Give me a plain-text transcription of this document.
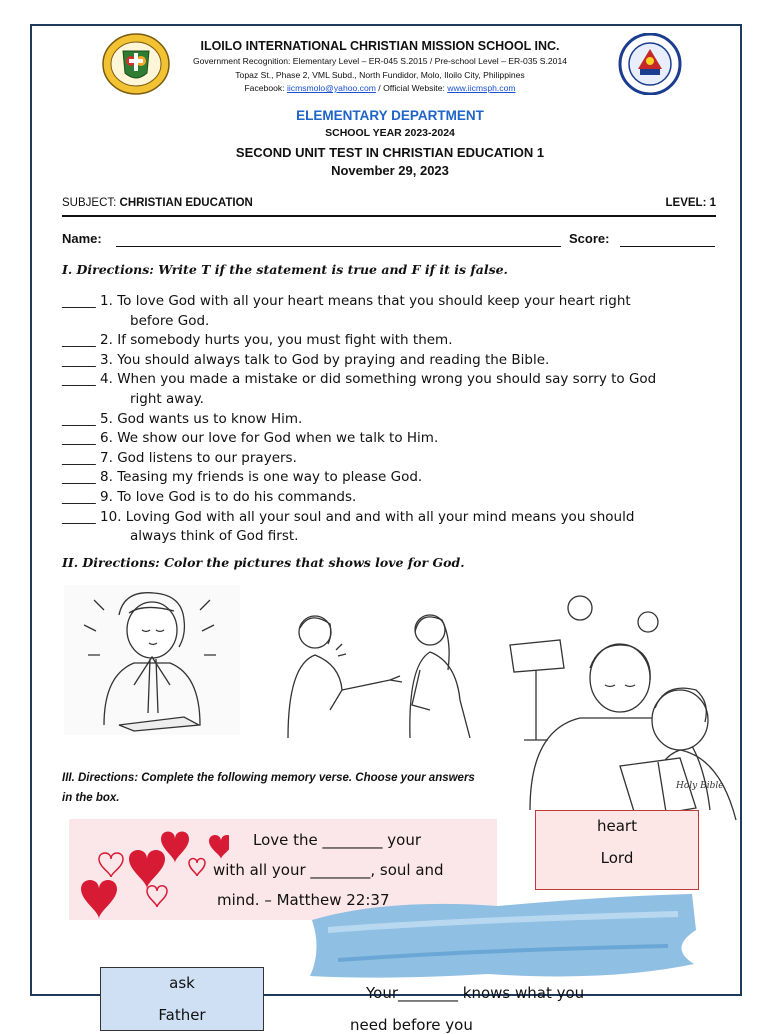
ILOILO INTERNATIONAL CHRISTIAN MISSION SCHOOL INC.
Government Recognition: Elementary Level – ER-045 S.2015 / Pre-school Level – ER-035 S.2014
Topaz St., Phase 2, VML Subd., North Fundidor, Molo, Iloilo City, Philippines
Facebook: iicmsmolo@yahoo.com / Official Website: www.iicmsph.com
ELEMENTARY DEPARTMENT
SCHOOL YEAR 2023-2024
SECOND UNIT TEST IN CHRISTIAN EDUCATION 1
November 29, 2023
SUBJECT: CHRISTIAN EDUCATION	LEVEL: 1
Name:	Score:
I. Directions: Write T if the statement is true and F if it is false.
_____ 1. To love God with all your heart means that you should keep your heart right
before God.
_____ 2. If somebody hurts you, you must fight with them.
_____ 3. You should always talk to God by praying and reading the Bible.
_____ 4. When you made a mistake or did something wrong you should say sorry to God
right away.
_____ 5. God wants us to know Him.
_____ 6. We show our love for God when we talk to Him.
_____ 7. God listens to our prayers.
_____ 8. Teasing my friends is one way to please God.
_____ 9. To love God is to do his commands.
_____ 10. Loving God with all your soul and and with all your mind means you should
always think of God first.
II. Directions: Color the pictures that shows love for God.
Holy Bible
III. Directions: Complete the following memory verse. Choose your answers in the box.
Love the ________ your
with all your ________, soul and
mind. – Matthew 22:37
heart
Lord
ask
Father
Your________ knows what you
need before you
